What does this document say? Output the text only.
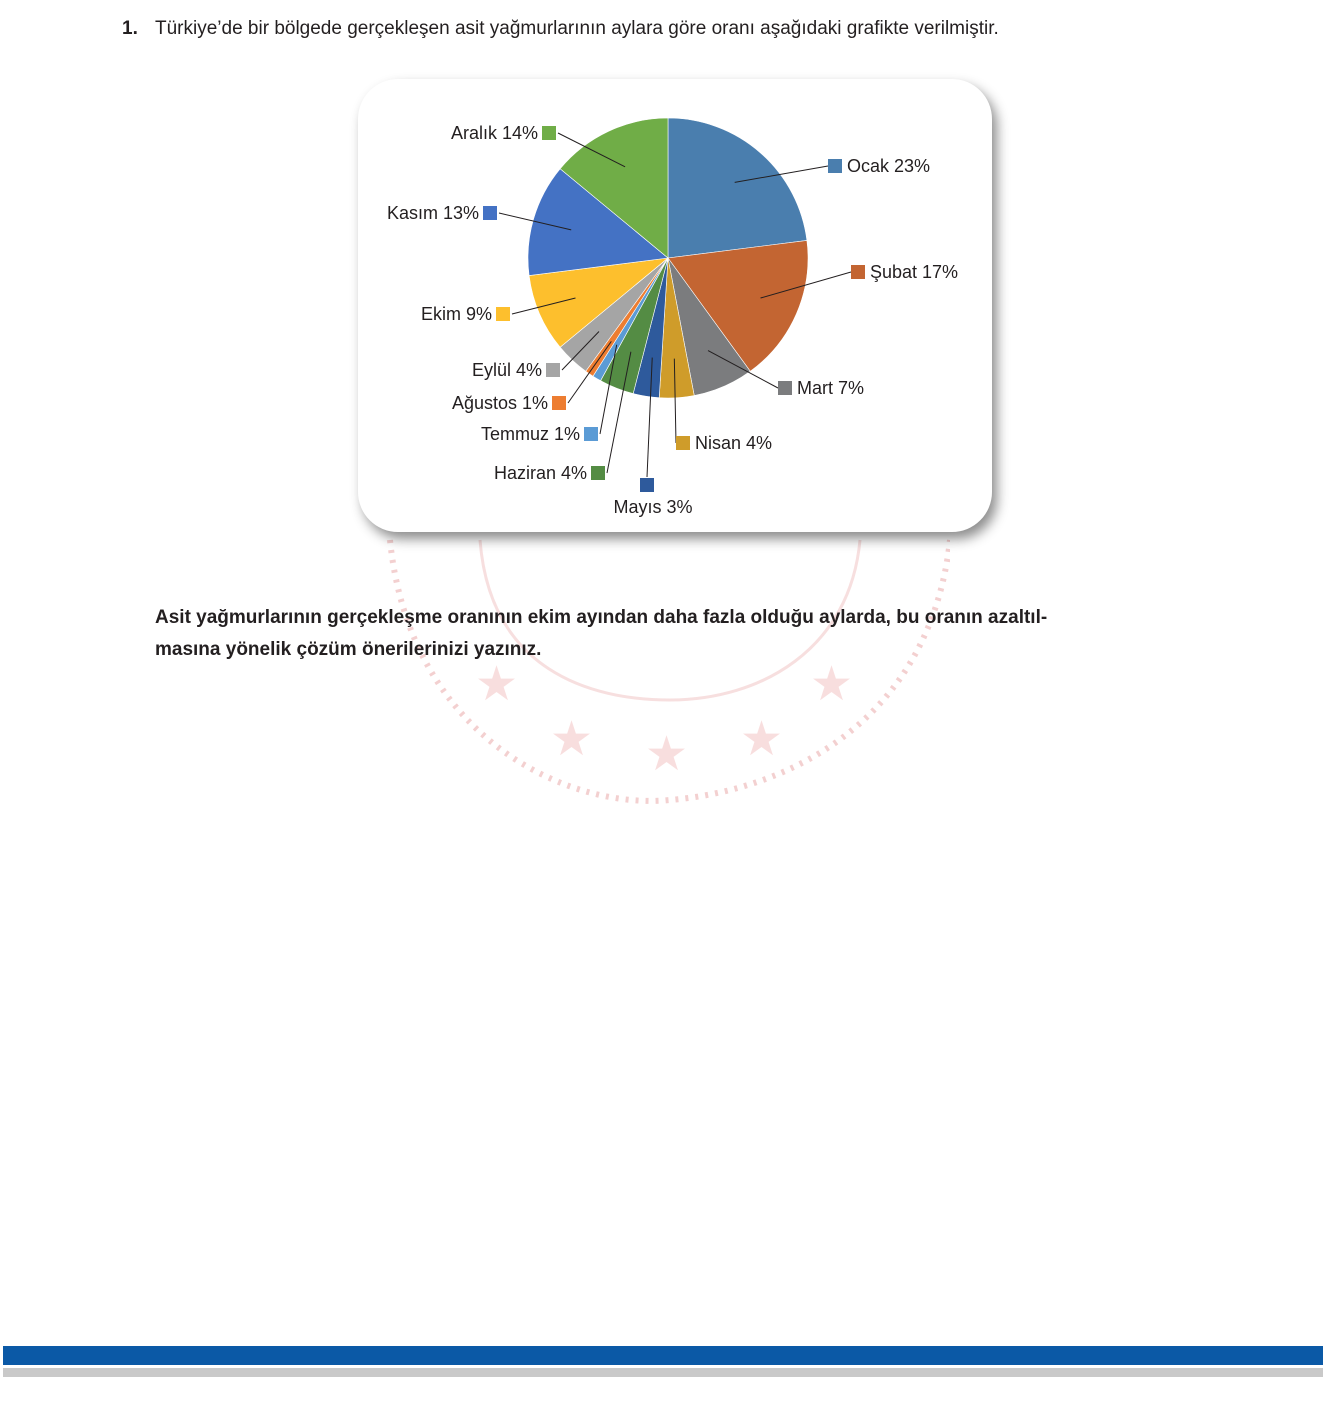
1. Türkiye’de bir bölgede gerçekleşen asit yağmurlarının aylara göre oranı aşağıdaki grafikte verilmiştir.
★
★ ★ ★
★
Ocak 23%
Şubat 17%
Mart 7%
Nisan 4%
Mayıs 3%
Haziran 4%
Temmuz 1%
Ağustos 1%
Eylül 4%
Ekim 9%
Kasım 13%
Aralık 14%
Asit yağmurlarının gerçekleşme oranının ekim ayından daha fazla olduğu aylarda, bu oranın azaltıl-
masına yönelik çözüm önerilerinizi yazınız.
